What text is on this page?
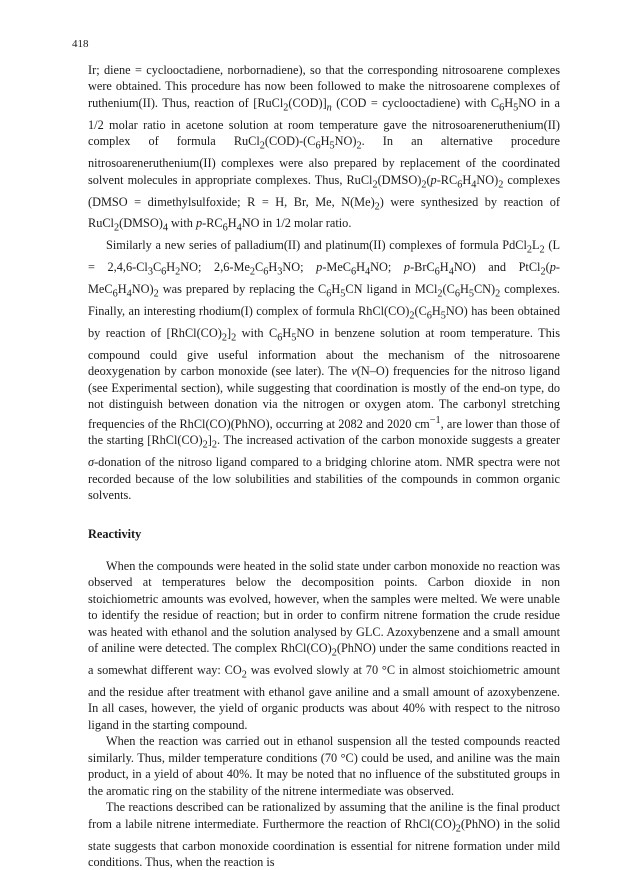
418

Ir; diene = cyclooctadiene, norbornadiene), so that the corresponding nitrosoarene complexes were obtained. This procedure has now been followed to make the nitrosoarene complexes of ruthenium(II). Thus, reaction of $[RuCl_2(COD)]_n$ (COD = cyclooctadiene) with $C_6H_5NO$ in a 1/2 molar ratio in acetone solution at room temperature gave the nitrosoareneruthenium(II) complex of formula $RuCl_2(COD)-(C_6H_5NO)_2$. In an alternative procedure nitrosoareneruthenium(II) complexes were also prepared by replacement of the coordinated solvent molecules in appropriate complexes. Thus, $RuCl_2(DMSO)_2(p-RC_6H_4NO)_2$ complexes (DMSO = dimethylsulfoxide; R = H, Br, Me, $N(Me)_2$) were synthesized by reaction of $RuCl_2(DMSO)_4$ with $p-RC_6H_4NO$ in 1/2 molar ratio.

Similarly a new series of palladium(II) and platinum(II) complexes of formula $PdCl_2L_2$ ($L = 2,4,6-Cl_3C_6H_2NO$; $2,6-Me_2C_6H_3NO$; $p-MeC_6H_4NO$; $p-BrC_6H_4NO$) and $PtCl_2(p-MeC_6H_4NO)_2$ was prepared by replacing the $C_6H_5CN$ ligand in $MCl_2(C_6H_5CN)_2$ complexes. Finally, an interesting rhodium(I) complex of formula $RhCl(CO)_2(C_6H_5NO)$ has been obtained by reaction of $[RhCl(CO)_2]_2$ with $C_6H_5NO$ in benzene solution at room temperature. This compound could give useful information about the mechanism of the nitrosoarene deoxygenation by carbon monoxide (see later). The ν(N–O) frequencies for the nitroso ligand (see Experimental section), while suggesting that coordination is mostly of the end-on type, do not distinguish between donation via the nitrogen or oxygen atom. The carbonyl stretching frequencies of the RhCl(CO)(PhNO), occurring at 2082 and 2020 $cm^{-1}$, are lower than those of the starting $[RhCl(CO)_2]_2$. The increased activation of the carbon monoxide suggests a greater σ-donation of the nitroso ligand compared to a bridging chlorine atom. NMR spectra were not recorded because of the low solubilities and stabilities of the compounds in common organic solvents.

Reactivity

When the compounds were heated in the solid state under carbon monoxide no reaction was observed at temperatures below the decomposition points. Carbon dioxide in non stoichiometric amounts was evolved, however, when the samples were melted. We were unable to identify the residue of reaction; but in order to confirm nitrene formation the crude residue was heated with ethanol and the solution analysed by GLC. Azoxybenzene and a small amount of aniline were detected. The complex $RhCl(CO)_2(PhNO)$ under the same conditions reacted in a somewhat different way: $CO_2$ was evolved slowly at 70 °C in almost stoichiometric amount and the residue after treatment with ethanol gave aniline and a small amount of azoxybenzene. In all cases, however, the yield of organic products was about 40% with respect to the nitroso ligand in the starting compound.

When the reaction was carried out in ethanol suspension all the tested compounds reacted similarly. Thus, milder temperature conditions (70 °C) could be used, and aniline was the main product, in a yield of about 40%. It may be noted that no influence of the substituted groups in the aromatic ring on the stability of the nitrene intermediate was observed.

The reactions described can be rationalized by assuming that the aniline is the final product from a labile nitrene intermediate. Furthermore the reaction of $RhCl(CO)_2(PhNO)$ in the solid state suggests that carbon monoxide coordination is essential for nitrene formation under mild conditions. Thus, when the reaction is
